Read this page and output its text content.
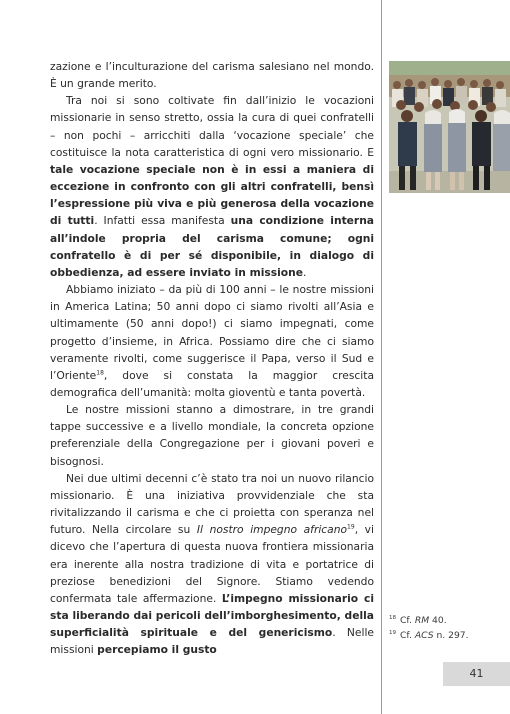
zazione e l’inculturazione del carisma salesiano nel mondo. È un grande merito.

Tra noi si sono coltivate fin dall’inizio le vocazioni missionarie in senso stretto, ossia la cura di quei confratelli – non pochi – arricchiti dalla ‘vocazione speciale’ che costituisce la nota caratteristica di ogni vero missionario. E tale vocazione speciale non è in essi a maniera di eccezione in confronto con gli altri confratelli, bensì l’espressione più viva e più generosa della vocazione di tutti. Infatti essa manifesta una condizione interna all’indole propria del carisma comune; ogni confratello è di per sé disponibile, in dialogo di obbedienza, ad essere inviato in missione.

Abbiamo iniziato – da più di 100 anni – le nostre missioni in America Latina; 50 anni dopo ci siamo rivolti all’Asia e ultimamente (50 anni dopo!) ci siamo impegnati, come progetto d’insieme, in Africa. Possiamo dire che ci siamo veramente rivolti, come suggerisce il Papa, verso il Sud e l’Oriente$^{18}$, dove si constata la maggior crescita demografica dell’umanità: molta gioventù e tanta povertà.

Le nostre missioni stanno a dimostrare, in tre grandi tappe successive e a livello mondiale, la concreta opzione preferenziale della Congregazione per i giovani poveri e bisognosi.

Nei due ultimi decenni c’è stato tra noi un nuovo rilancio missionario. È una iniziativa provvidenziale che sta rivitalizzando il carisma e che ci proietta con speranza nel futuro. Nella circolare su Il nostro impegno africano$^{19}$, vi dicevo che l’apertura di questa nuova frontiera missionaria era inerente alla nostra tradizione di vita e portatrice di preziose benedizioni del Signore. Stiamo vedendo confermata tale affermazione. L’impegno missionario ci sta liberando dai pericoli dell’imborghesimento, della superficialità spirituale e del genericismo. Nelle missioni percepiamo il gusto

$^{18}$ Cf. RM 40.
$^{19}$ Cf. ACS n. 297.
41
